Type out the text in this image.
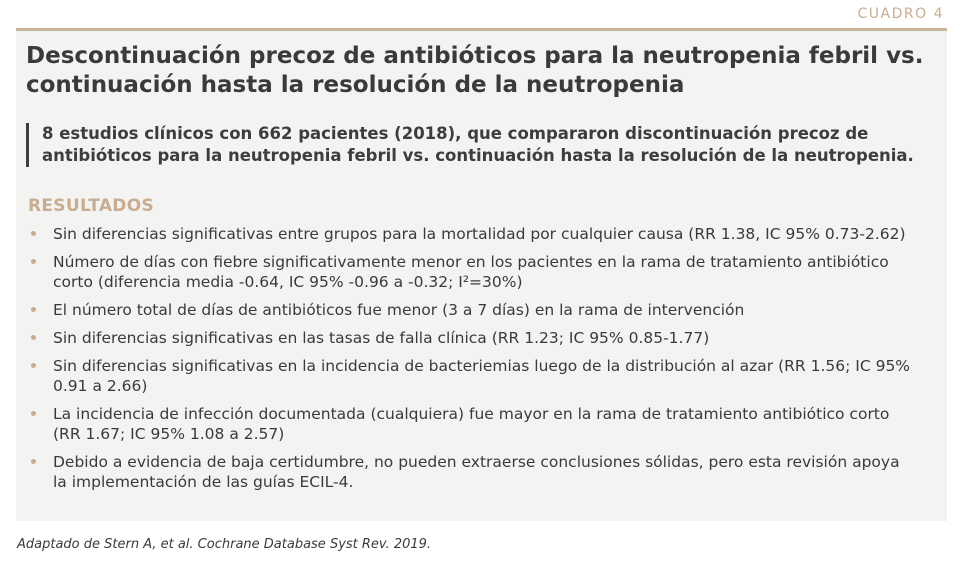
CUADRO 4
Descontinuación precoz de antibióticos para la neutropenia febril vs. continuación hasta la resolución de la neutropenia
8 estudios clínicos con 662 pacientes (2018), que compararon discontinuación precoz de antibióticos para la neutropenia febril vs. continuación hasta la resolución de la neutropenia.
RESULTADOS
Sin diferencias significativas entre grupos para la mortalidad por cualquier causa (RR 1.38, IC 95% 0.73-2.62)
Número de días con fiebre significativamente menor en los pacientes en la rama de tratamiento antibiótico corto (diferencia media -0.64, IC 95% -0.96 a -0.32; I²=30%)
El número total de días de antibióticos fue menor (3 a 7 días) en la rama de intervención
Sin diferencias significativas en las tasas de falla clínica (RR 1.23; IC 95% 0.85-1.77)
Sin diferencias significativas en la incidencia de bacteriemias luego de la distribución al azar (RR 1.56; IC 95% 0.91 a 2.66)
La incidencia de infección documentada (cualquiera) fue mayor en la rama de tratamiento antibiótico corto (RR 1.67; IC 95% 1.08 a 2.57)
Debido a evidencia de baja certidumbre, no pueden extraerse conclusiones sólidas, pero esta revisión apoya la implementación de las guías ECIL-4.
Adaptado de Stern A, et al. Cochrane Database Syst Rev. 2019.
